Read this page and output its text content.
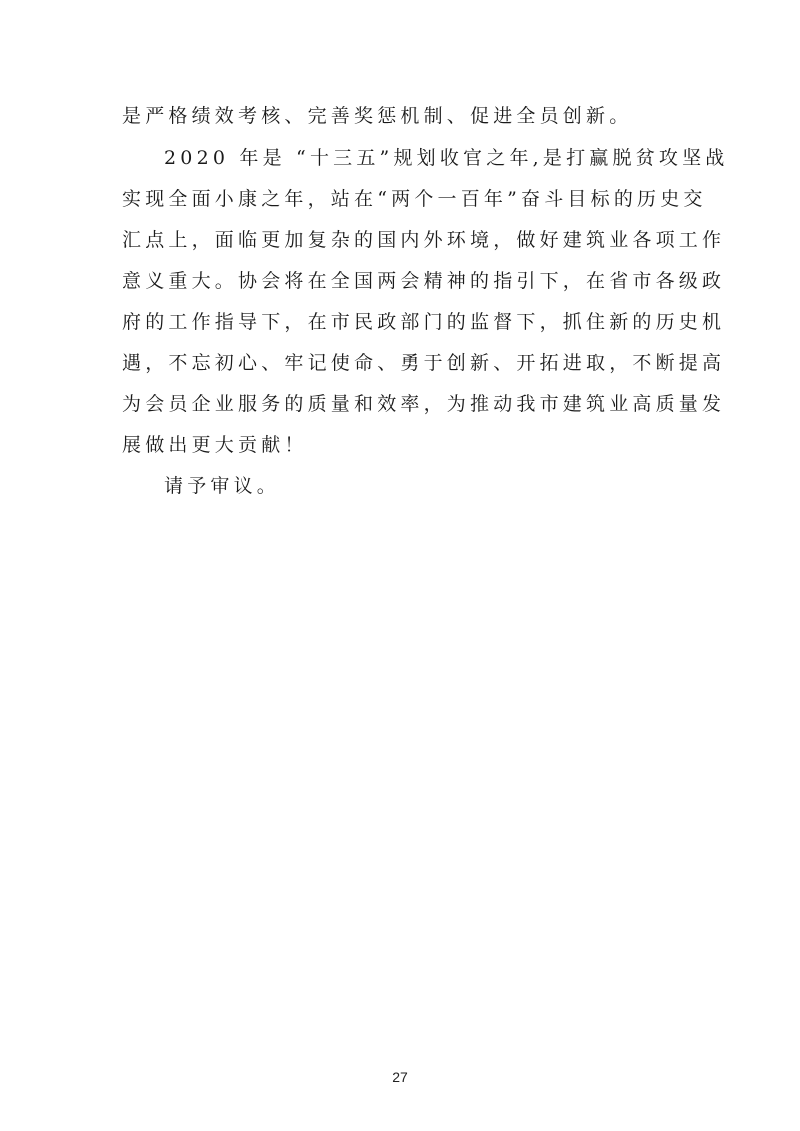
是严格绩效考核、完善奖惩机制、促进全员创新。
2020 年是 “十三五”规划收官之年,是打赢脱贫攻坚战
实现全面小康之年，站在“两个一百年”奋斗目标的历史交
汇点上，面临更加复杂的国内外环境，做好建筑业各项工作
意义重大。协会将在全国两会精神的指引下，在省市各级政
府的工作指导下，在市民政部门的监督下，抓住新的历史机
遇，不忘初心、牢记使命、勇于创新、开拓进取，不断提高
为会员企业服务的质量和效率，为推动我市建筑业高质量发
展做出更大贡献！
请予审议。
27
